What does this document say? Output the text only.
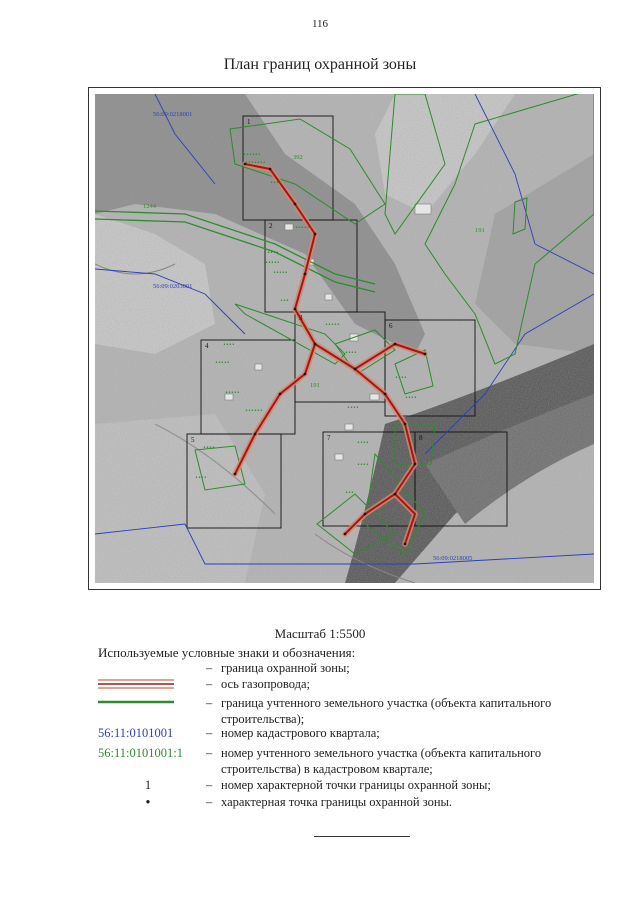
116
План границ охранной зоны
••••••
•••••••
••••
••••••
••••
•••••
•••••
•••
•••••
••••
•••••
•••••
••••••
••••
••••
••••
••••
••••
••••
••••
••••
•••
56:09:0218001
56:09:0203001
56:09:0218005
392
191
1244
191
1
2
3
4
5
6
7	8
Масштаб 1:5500
Используемые условные знаки и обозначения:
– граница охранной зоны;
– ось газопровода;
– граница учтенного земельного участка (объекта капитального строительства);
56:11:0101001	– номер кадастрового квартала;
56:11:0101001:1	– номер учтенного земельного участка (объекта капитального строительства) в кадастровом квартале;
1	– номер характерной точки границы охранной зоны;
•	– характерная точка границы охранной зоны.
